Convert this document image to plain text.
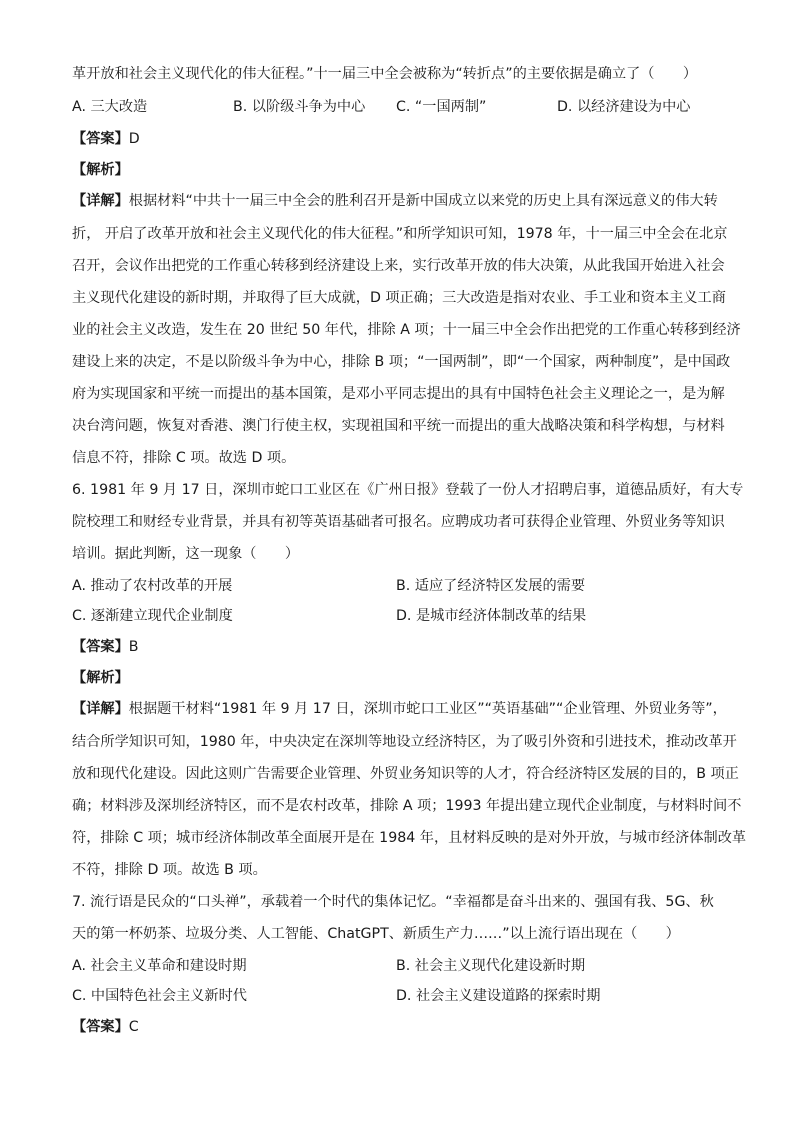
革开放和社会主义现代化的伟大征程。”十一届三中全会被称为“转折点”的主要依据是确立了（　　）
A. 三大改造	B. 以阶级斗争为中心 C. “一国两制”	D. 以经济建设为中心
【答案】D
【解析】
【详解】根据材料“中共十一届三中全会的胜利召开是新中国成立以来党的历史上具有深远意义的伟大转
折， 开启了改革开放和社会主义现代化的伟大征程。”和所学知识可知，1978 年，十一届三中全会在北京
召开，会议作出把党的工作重心转移到经济建设上来，实行改革开放的伟大决策，从此我国开始进入社会
主义现代化建设的新时期，并取得了巨大成就，D 项正确；三大改造是指对农业、手工业和资本主义工商
业的社会主义改造，发生在 20 世纪 50 年代，排除 A 项；十一届三中全会作出把党的工作重心转移到经济
建设上来的决定，不是以阶级斗争为中心，排除 B 项；“一国两制”，即“一个国家，两种制度”，是中国政
府为实现国家和平统一而提出的基本国策，是邓小平同志提出的具有中国特色社会主义理论之一，是为解
决台湾问题，恢复对香港、澳门行使主权，实现祖国和平统一而提出的重大战略决策和科学构想，与材料
信息不符，排除 C 项。故选 D 项。
6. 1981 年 9 月 17 日，深圳市蛇口工业区在《广州日报》登载了一份人才招聘启事，道德品质好，有大专
院校理工和财经专业背景，并具有初等英语基础者可报名。应聘成功者可获得企业管理、外贸业务等知识
培训。据此判断，这一现象（　　）
A. 推动了农村改革的开展	B. 适应了经济特区发展的需要
C. 逐渐建立现代企业制度	D. 是城市经济体制改革的结果
【答案】B
【解析】
【详解】根据题干材料“1981 年 9 月 17 日，深圳市蛇口工业区”“英语基础”“企业管理、外贸业务等”，
结合所学知识可知，1980 年，中央决定在深圳等地设立经济特区，为了吸引外资和引进技术，推动改革开
放和现代化建设。因此这则广告需要企业管理、外贸业务知识等的人才，符合经济特区发展的目的，B 项正
确；材料涉及深圳经济特区，而不是农村改革，排除 A 项；1993 年提出建立现代企业制度，与材料时间不
符，排除 C 项；城市经济体制改革全面展开是在 1984 年，且材料反映的是对外开放，与城市经济体制改革
不符，排除 D 项。故选 B 项。
7. 流行语是民众的“口头禅”，承载着一个时代的集体记忆。“幸福都是奋斗出来的、强国有我、5G、秋
天的第一杯奶茶、垃圾分类、人工智能、ChatGPT、新质生产力……”以上流行语出现在（　　）
A. 社会主义革命和建设时期	B. 社会主义现代化建设新时期
C. 中国特色社会主义新时代	D. 社会主义建设道路的探索时期
【答案】C
